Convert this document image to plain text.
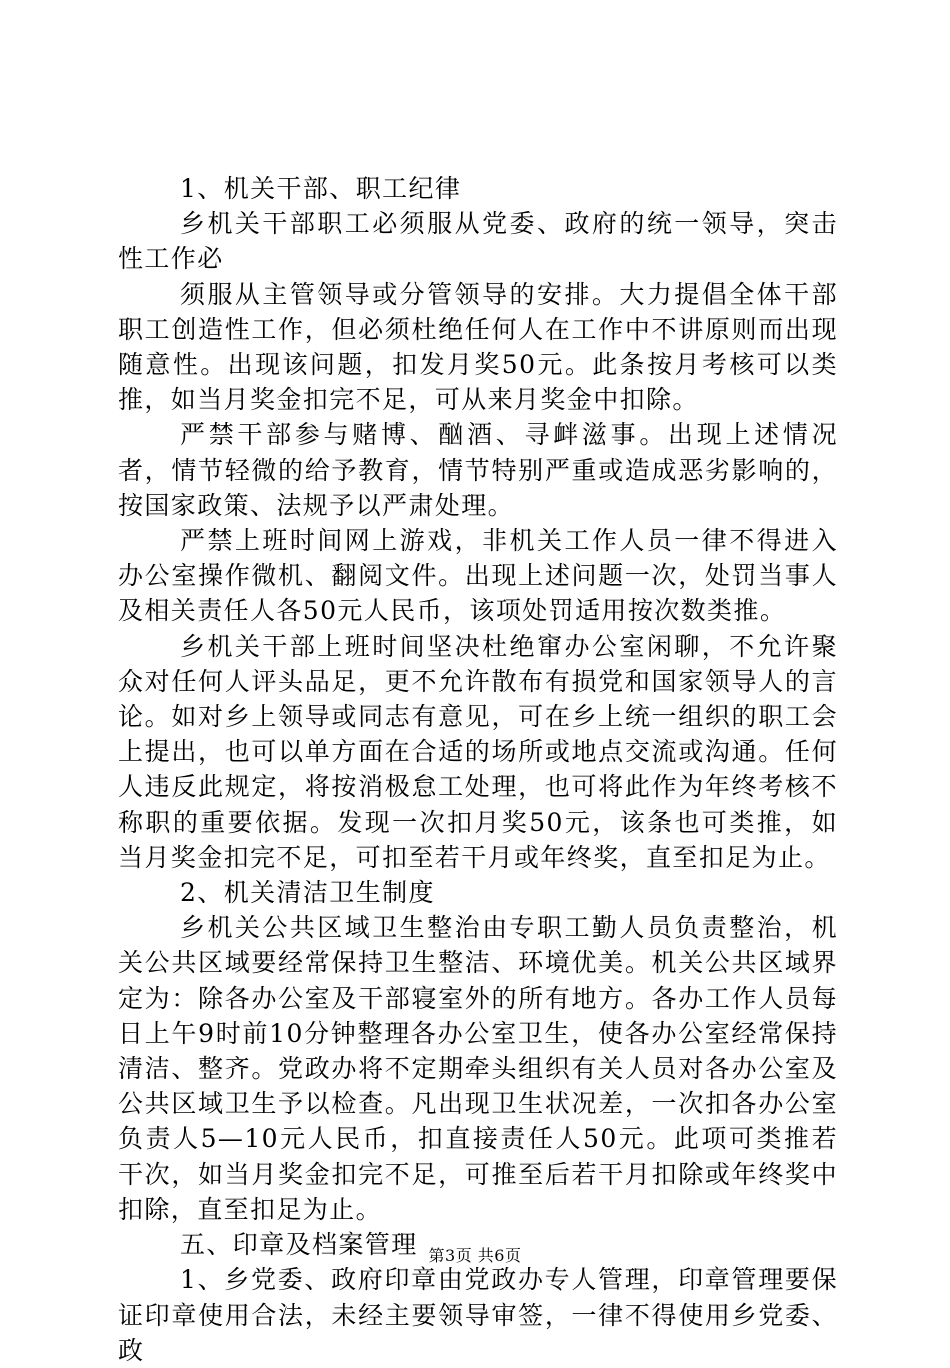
1、机关干部、职工纪律

乡机关干部职工必须服从党委、政府的统一领导，突击性工作必

须服从主管领导或分管领导的安排。大力提倡全体干部职工创造性工作，但必须杜绝任何人在工作中不讲原则而出现随意性。出现该问题，扣发月奖50元。此条按月考核可以类推，如当月奖金扣完不足，可从来月奖金中扣除。

严禁干部参与赌博、酗酒、寻衅滋事。出现上述情况者，情节轻微的给予教育，情节特别严重或造成恶劣影响的，按国家政策、法规予以严肃处理。

严禁上班时间网上游戏，非机关工作人员一律不得进入办公室操作微机、翻阅文件。出现上述问题一次，处罚当事人及相关责任人各50元人民币，该项处罚适用按次数类推。

乡机关干部上班时间坚决杜绝窜办公室闲聊，不允许聚众对任何人评头品足，更不允许散布有损党和国家领导人的言论。如对乡上领导或同志有意见，可在乡上统一组织的职工会上提出，也可以单方面在合适的场所或地点交流或沟通。任何人违反此规定，将按消极怠工处理，也可将此作为年终考核不称职的重要依据。发现一次扣月奖50元，该条也可类推，如当月奖金扣完不足，可扣至若干月或年终奖，直至扣足为止。

2、机关清洁卫生制度

乡机关公共区域卫生整治由专职工勤人员负责整治，机关公共区域要经常保持卫生整洁、环境优美。机关公共区域界定为：除各办公室及干部寝室外的所有地方。各办工作人员每日上午9时前10分钟整理各办公室卫生，使各办公室经常保持清洁、整齐。党政办将不定期牵头组织有关人员对各办公室及公共区域卫生予以检查。凡出现卫生状况差，一次扣各办公室负责人5—10元人民币，扣直接责任人50元。此项可类推若干次，如当月奖金扣完不足，可推至后若干月扣除或年终奖中扣除，直至扣足为止。

五、印章及档案管理

1、乡党委、政府印章由党政办专人管理，印章管理要保证印章使用合法，未经主要领导审签，一律不得使用乡党委、政

第3页 共6页
